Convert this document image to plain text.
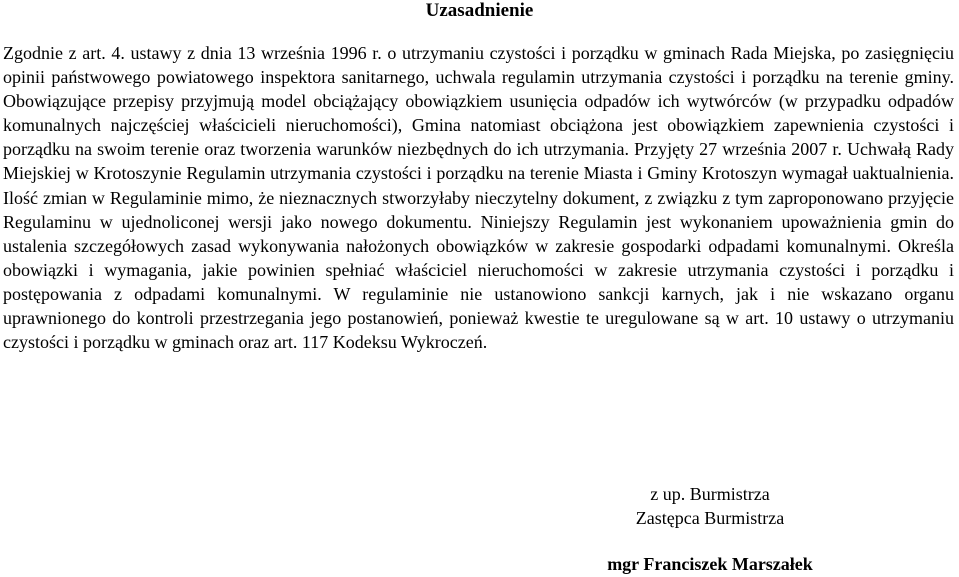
Uzasadnienie

Zgodnie z art. 4. ustawy z dnia 13 września 1996 r. o utrzymaniu czystości i porządku w gminach Rada Miejska, po zasięgnięciu opinii państwowego powiatowego inspektora sanitarnego, uchwala regulamin utrzymania czystości i porządku na terenie gminy. Obowiązujące przepisy przyjmują model obciążający obowiązkiem usunięcia odpadów ich wytwórców (w przypadku odpadów komunalnych najczęściej właścicieli nieruchomości), Gmina natomiast obciążona jest obowiązkiem zapewnienia czystości i porządku na swoim terenie oraz tworzenia warunków niezbędnych do ich utrzymania. Przyjęty 27 września 2007 r. Uchwałą Rady Miejskiej w Krotoszynie Regulamin utrzymania czystości i porządku na terenie Miasta i Gminy Krotoszyn wymagał uaktualnienia. Ilość zmian w Regulaminie mimo, że nieznacznych stworzyłaby nieczytelny dokument, z związku z tym zaproponowano przyjęcie Regulaminu w ujednoliconej wersji jako nowego dokumentu. Niniejszy Regulamin jest wykonaniem upoważnienia gmin do ustalenia szczegółowych zasad wykonywania nałożonych obowiązków w zakresie gospodarki odpadami komunalnymi. Określa obowiązki i wymagania, jakie powinien spełniać właściciel nieruchomości w zakresie utrzymania czystości i porządku i postępowania z odpadami komunalnymi. W regulaminie nie ustanowiono sankcji karnych, jak i nie wskazano organu uprawnionego do kontroli przestrzegania jego postanowień, ponieważ kwestie te uregulowane są w art. 10 ustawy o utrzymaniu czystości i porządku w gminach oraz art. 117 Kodeksu Wykroczeń.

z up. Burmistrza
Zastępca Burmistrza
mgr Franciszek Marszałek
